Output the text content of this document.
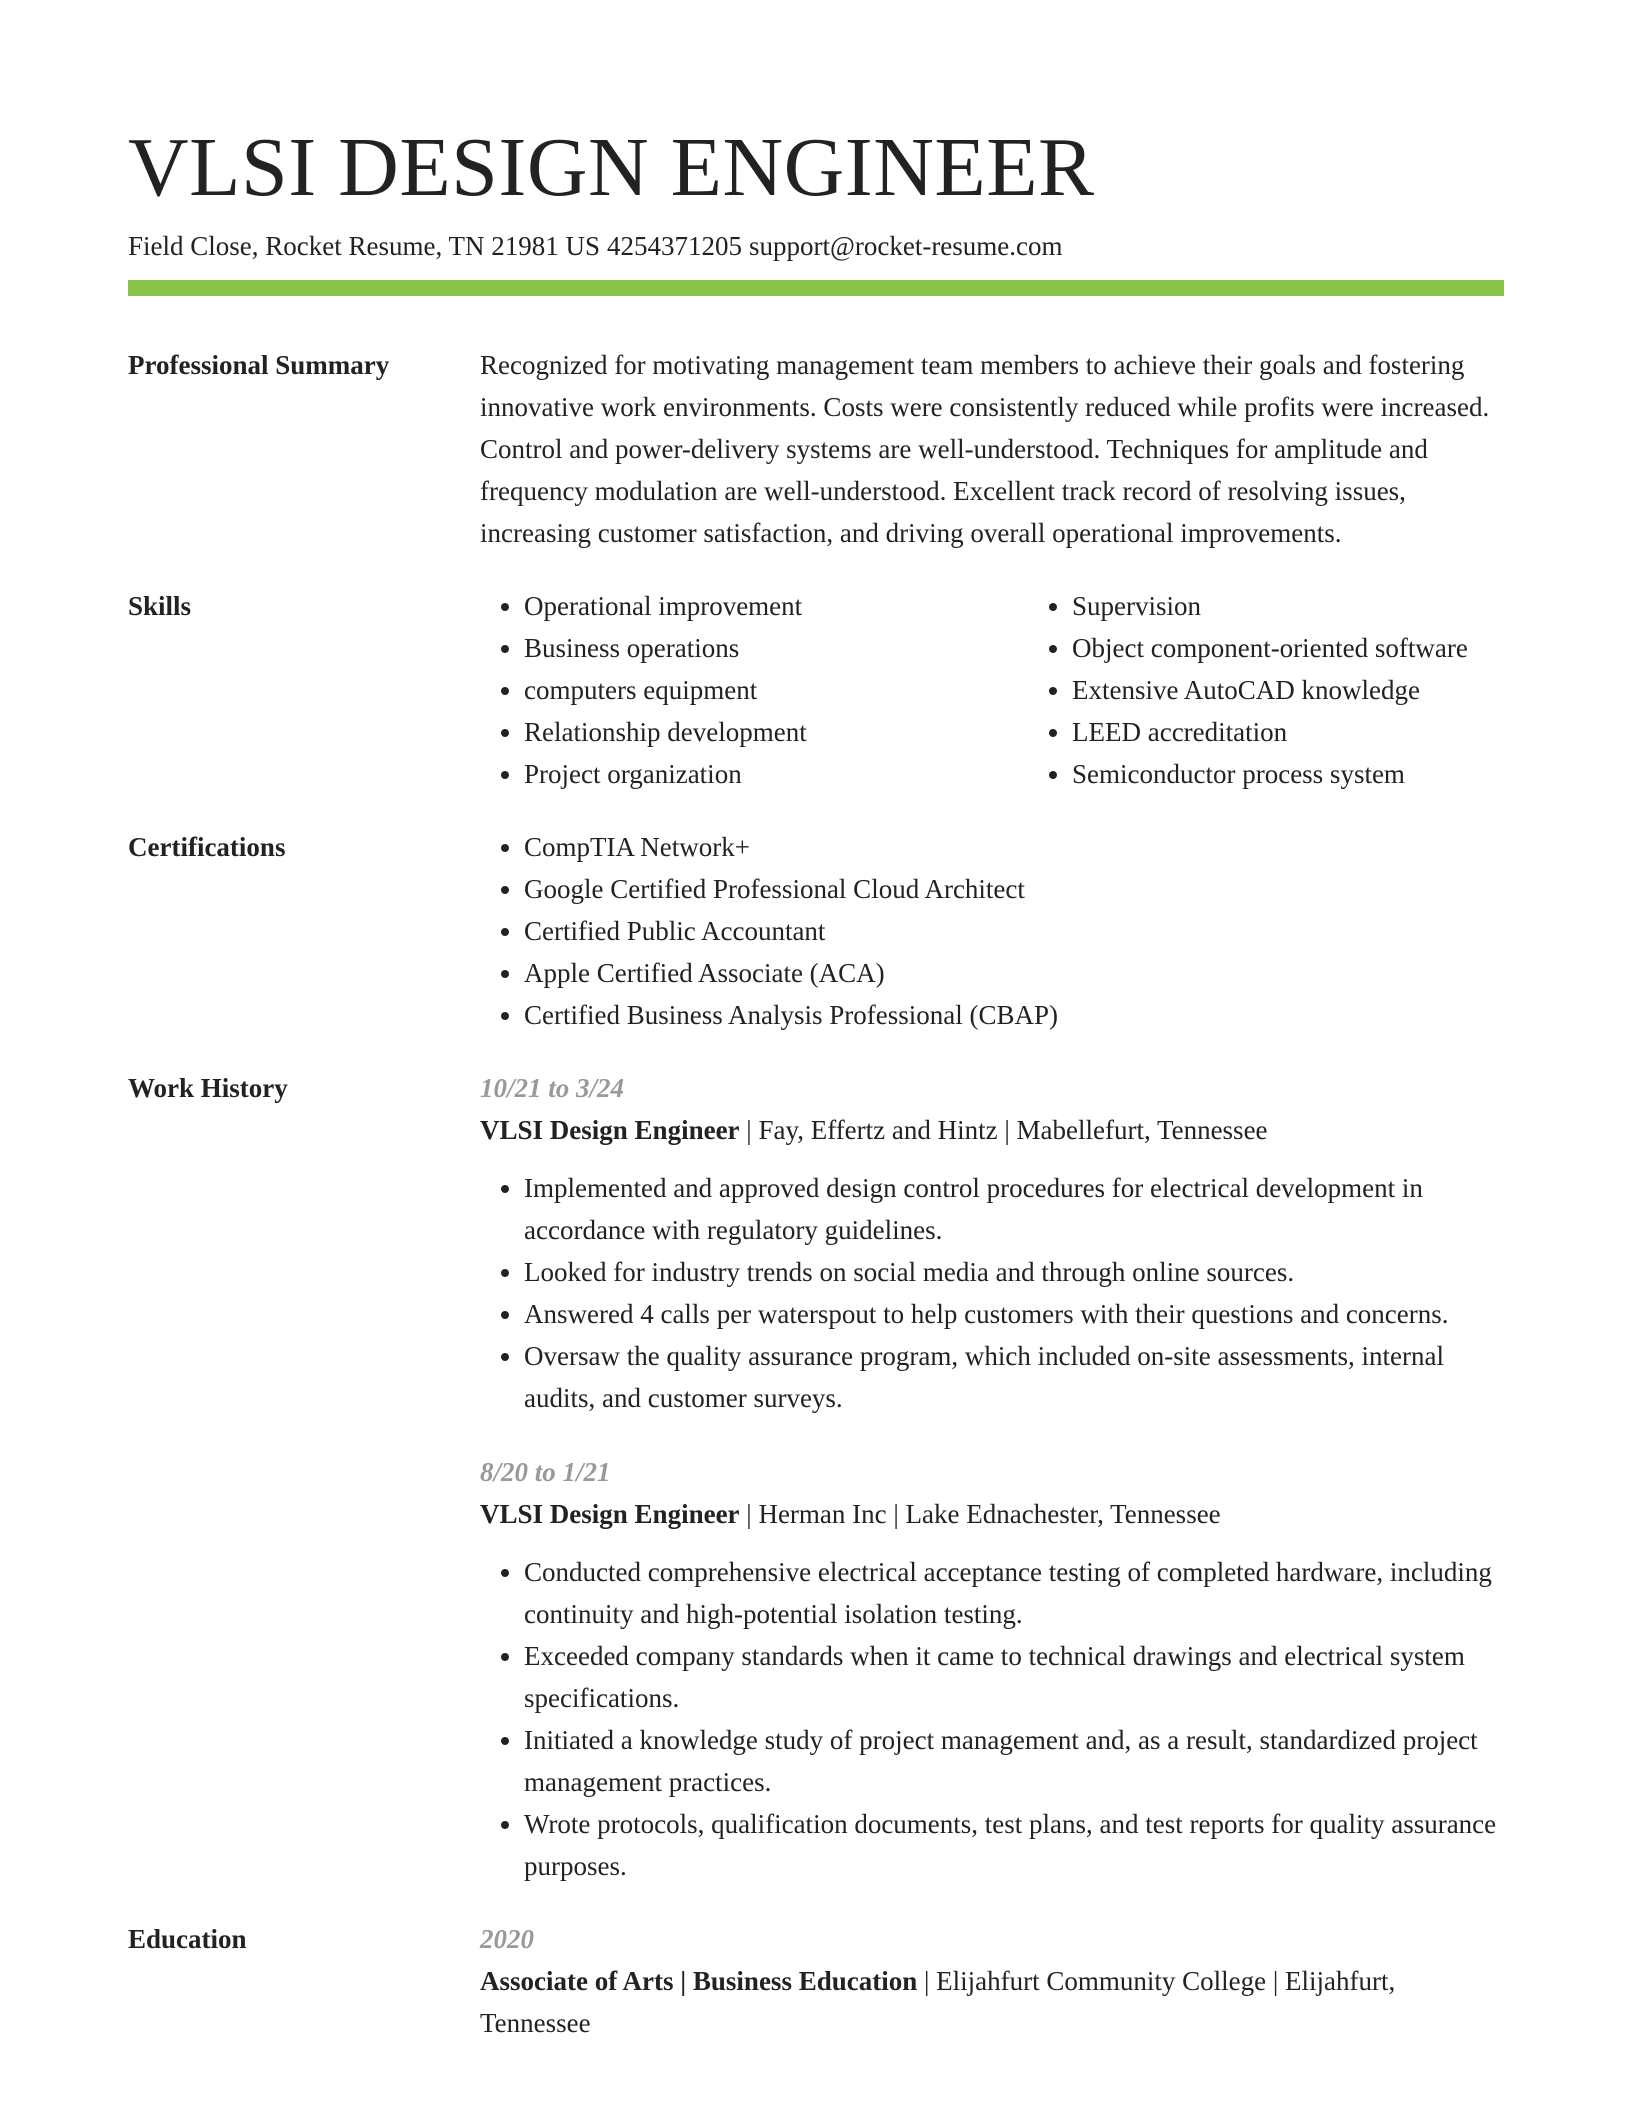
VLSI DESIGN ENGINEER
Field Close, Rocket Resume, TN 21981 US 4254371205 support@rocket-resume.com
Professional Summary	Recognized for motivating management team members to achieve their goals and fostering innovative work environments. Costs were consistently reduced while profits were increased. Control and power-delivery systems are well-understood. Techniques for amplitude and frequency modulation are well-understood. Excellent track record of resolving issues, increasing customer satisfaction, and driving overall operational improvements.

Skills	• Operational improvement
• Business operations
• computers equipment
• Relationship development
• Project organization
• Supervision
• Object component-oriented software
• Extensive AutoCAD knowledge
• LEED accreditation
• Semiconductor process system
Certifications	• CompTIA Network+
• Google Certified Professional Cloud Architect
• Certified Public Accountant
• Apple Certified Associate (ACA)
• Certified Business Analysis Professional (CBAP)
Work History	10/21 to 3/24
VLSI Design Engineer | Fay, Effertz and Hintz | Mabellefurt, Tennessee
• Implemented and approved design control procedures for electrical development in accordance with regulatory guidelines.
• Looked for industry trends on social media and through online sources.
• Answered 4 calls per waterspout to help customers with their questions and concerns.
• Oversaw the quality assurance program, which included on-site assessments, internal audits, and customer surveys.
8/20 to 1/21
VLSI Design Engineer | Herman Inc | Lake Ednachester, Tennessee
• Conducted comprehensive electrical acceptance testing of completed hardware, including continuity and high-potential isolation testing.
• Exceeded company standards when it came to technical drawings and electrical system specifications.
• Initiated a knowledge study of project management and, as a result, standardized project management practices.
• Wrote protocols, qualification documents, test plans, and test reports for quality assurance purposes.
Education	2020
Associate of Arts | Business Education | Elijahfurt Community College | Elijahfurt, Tennessee
